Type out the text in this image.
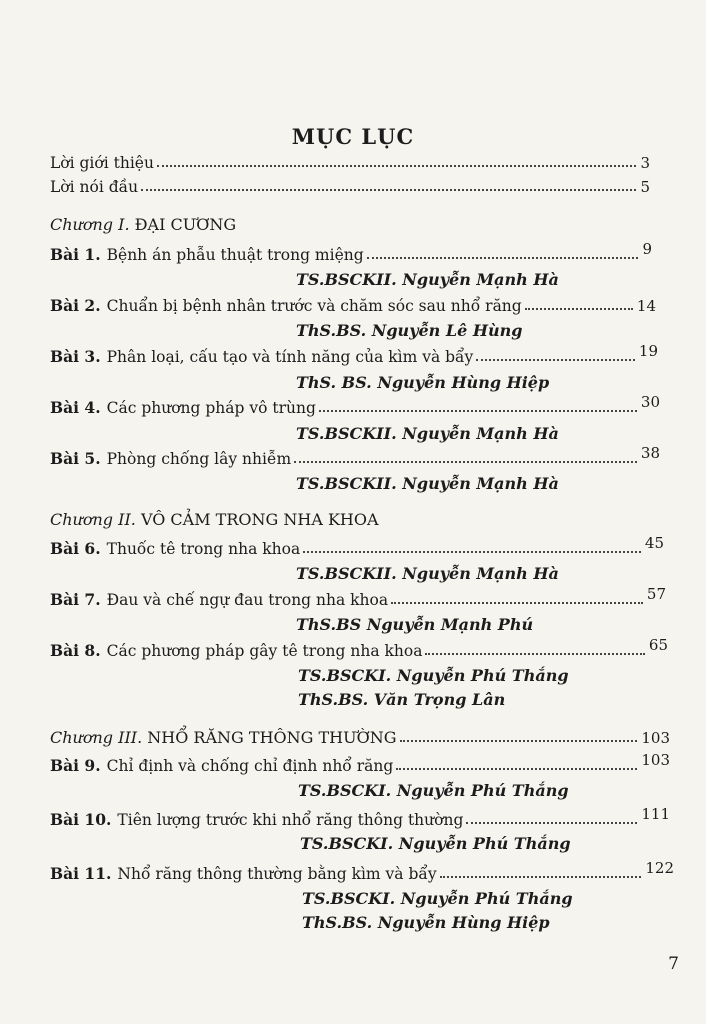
MỤC LỤC
Lời giới thiệu	3
Lời nói đầu	5
Chương I. ĐẠI CƯƠNG
Bài 1. Bệnh án phẫu thuật trong miệng	9
TS.BSCKII. Nguyễn Mạnh Hà
Bài 2. Chuẩn bị bệnh nhân trước và chăm sóc sau nhổ răng	14
ThS.BS. Nguyễn Lê Hùng
Bài 3. Phân loại, cấu tạo và tính năng của kìm và bẩy	19
ThS. BS. Nguyễn Hùng Hiệp
Bài 4. Các phương pháp vô trùng	30
TS.BSCKII. Nguyễn Mạnh Hà
Bài 5. Phòng chống lây nhiễm	38
TS.BSCKII. Nguyễn Mạnh Hà
Chương II. VÔ CẢM TRONG NHA KHOA
Bài 6. Thuốc tê trong nha khoa	45
TS.BSCKII. Nguyễn Mạnh Hà
Bài 7. Đau và chế ngự đau trong nha khoa	57
ThS.BS Nguyễn Mạnh Phú
Bài 8. Các phương pháp gây tê trong nha khoa	65
TS.BSCKI. Nguyễn Phú Thắng
ThS.BS. Văn Trọng Lân
Chương III. NHỔ RĂNG THÔNG THƯỜNG	103
Bài 9. Chỉ định và chống chỉ định nhổ răng	103
TS.BSCKI. Nguyễn Phú Thắng
Bài 10. Tiên lượng trước khi nhổ răng thông thường	111
TS.BSCKI. Nguyễn Phú Thắng
Bài 11. Nhổ răng thông thường bằng kìm và bẩy	122
TS.BSCKI. Nguyễn Phú Thắng
ThS.BS. Nguyễn Hùng Hiệp
7
